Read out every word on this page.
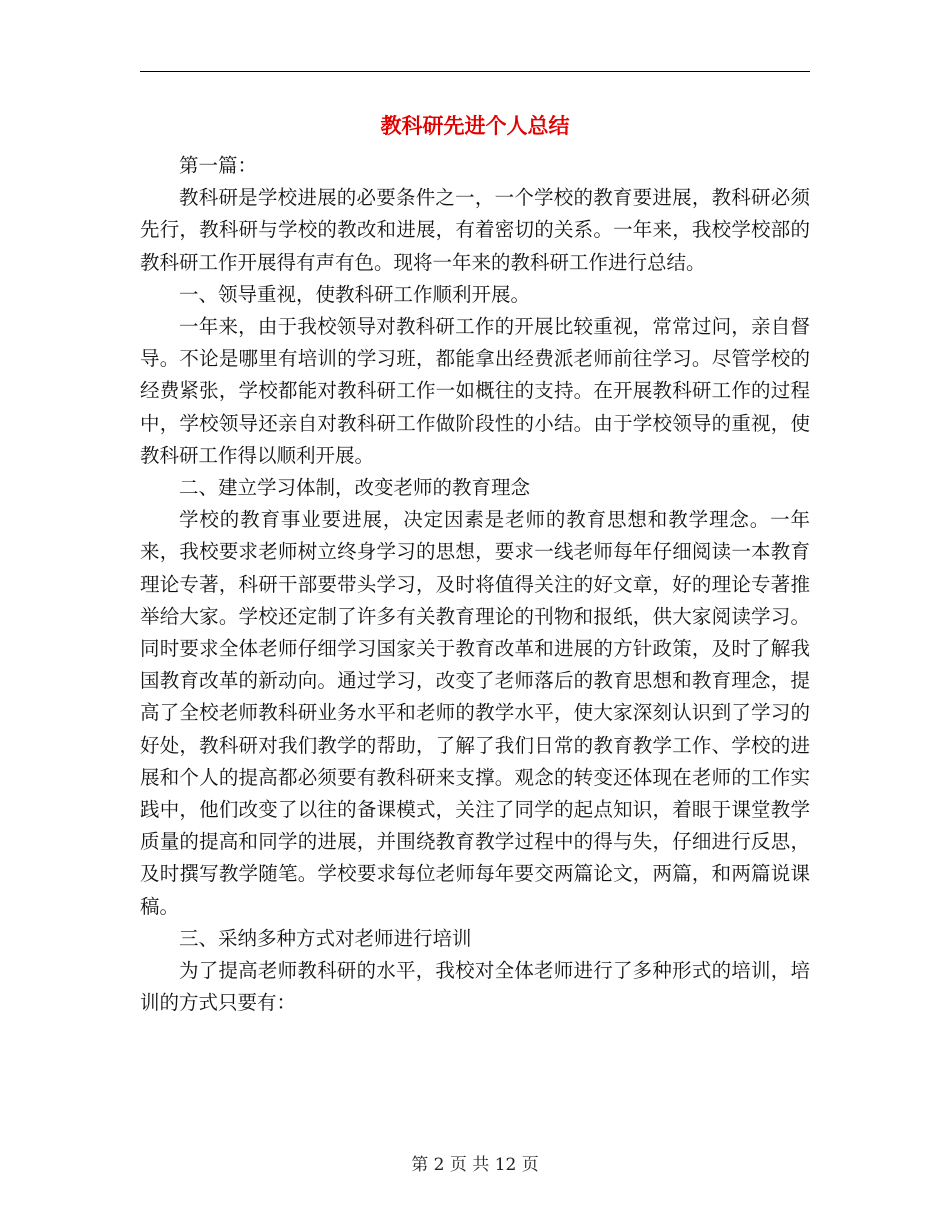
教科研先进个人总结

第一篇：

教科研是学校进展的必要条件之一，一个学校的教育要进展，教科研必须先行，教科研与学校的教改和进展，有着密切的关系。一年来，我校学校部的教科研工作开展得有声有色。现将一年来的教科研工作进行总结。

一、领导重视，使教科研工作顺利开展。

一年来，由于我校领导对教科研工作的开展比较重视，常常过问，亲自督导。不论是哪里有培训的学习班，都能拿出经费派老师前往学习。尽管学校的经费紧张，学校都能对教科研工作一如概往的支持。在开展教科研工作的过程中，学校领导还亲自对教科研工作做阶段性的小结。由于学校领导的重视，使教科研工作得以顺利开展。

二、建立学习体制，改变老师的教育理念

学校的教育事业要进展，决定因素是老师的教育思想和教学理念。一年来，我校要求老师树立终身学习的思想，要求一线老师每年仔细阅读一本教育理论专著，科研干部要带头学习，及时将值得关注的好文章，好的理论专著推举给大家。学校还定制了许多有关教育理论的刊物和报纸，供大家阅读学习。同时要求全体老师仔细学习国家关于教育改革和进展的方针政策，及时了解我国教育改革的新动向。通过学习，改变了老师落后的教育思想和教育理念，提高了全校老师教科研业务水平和老师的教学水平，使大家深刻认识到了学习的好处，教科研对我们教学的帮助，了解了我们日常的教育教学工作、学校的进展和个人的提高都必须要有教科研来支撑。观念的转变还体现在老师的工作实践中，他们改变了以往的备课模式，关注了同学的起点知识，着眼于课堂教学质量的提高和同学的进展，并围绕教育教学过程中的得与失，仔细进行反思，及时撰写教学随笔。学校要求每位老师每年要交两篇论文，两篇，和两篇说课稿。

三、采纳多种方式对老师进行培训

为了提高老师教科研的水平，我校对全体老师进行了多种形式的培训，培训的方式只要有：

第 2 页 共 12 页
